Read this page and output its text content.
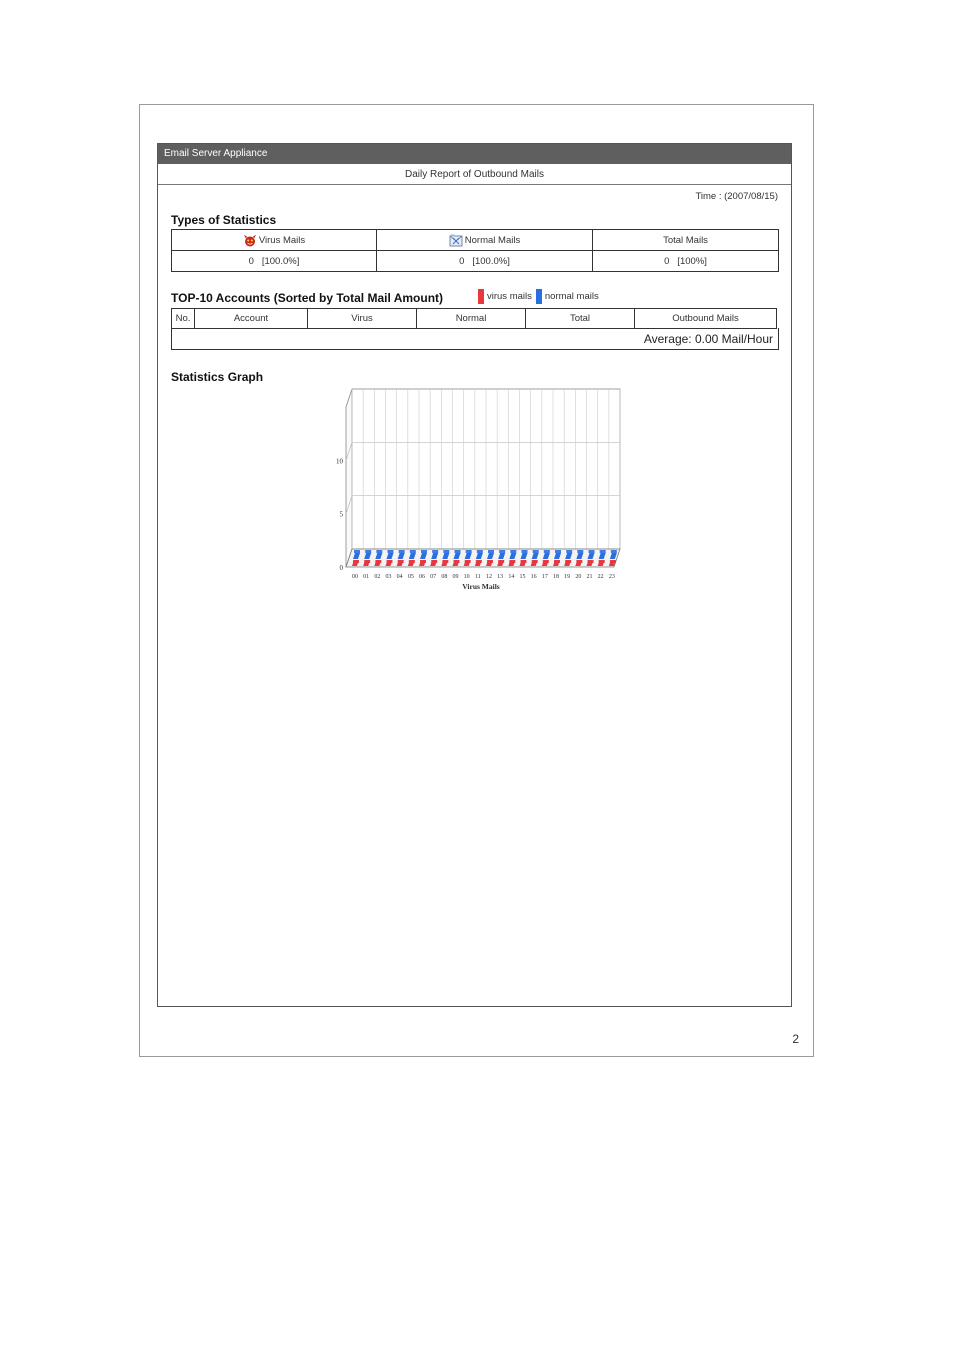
Email Server Appliance
Daily Report of Outbound Mails
Time : (2007/08/15)
Types of Statistics
Virus Mails	Normal Mails	Total Mails
0   [100.0%]	0   [100.0%]	0   [100%]
TOP-10 Accounts (Sorted by Total Mail Amount)	virus mails normal mails
No.	Account	Virus	Normal	Total	Outbound Mails
Average: 0.00 Mail/Hour
Statistics Graph
0
5
10
00 01 02 03 04 05 06 07 08 09 10 11 12 13 14 15 16 17 18 19 20 21 22 23
Virus Mails
2
